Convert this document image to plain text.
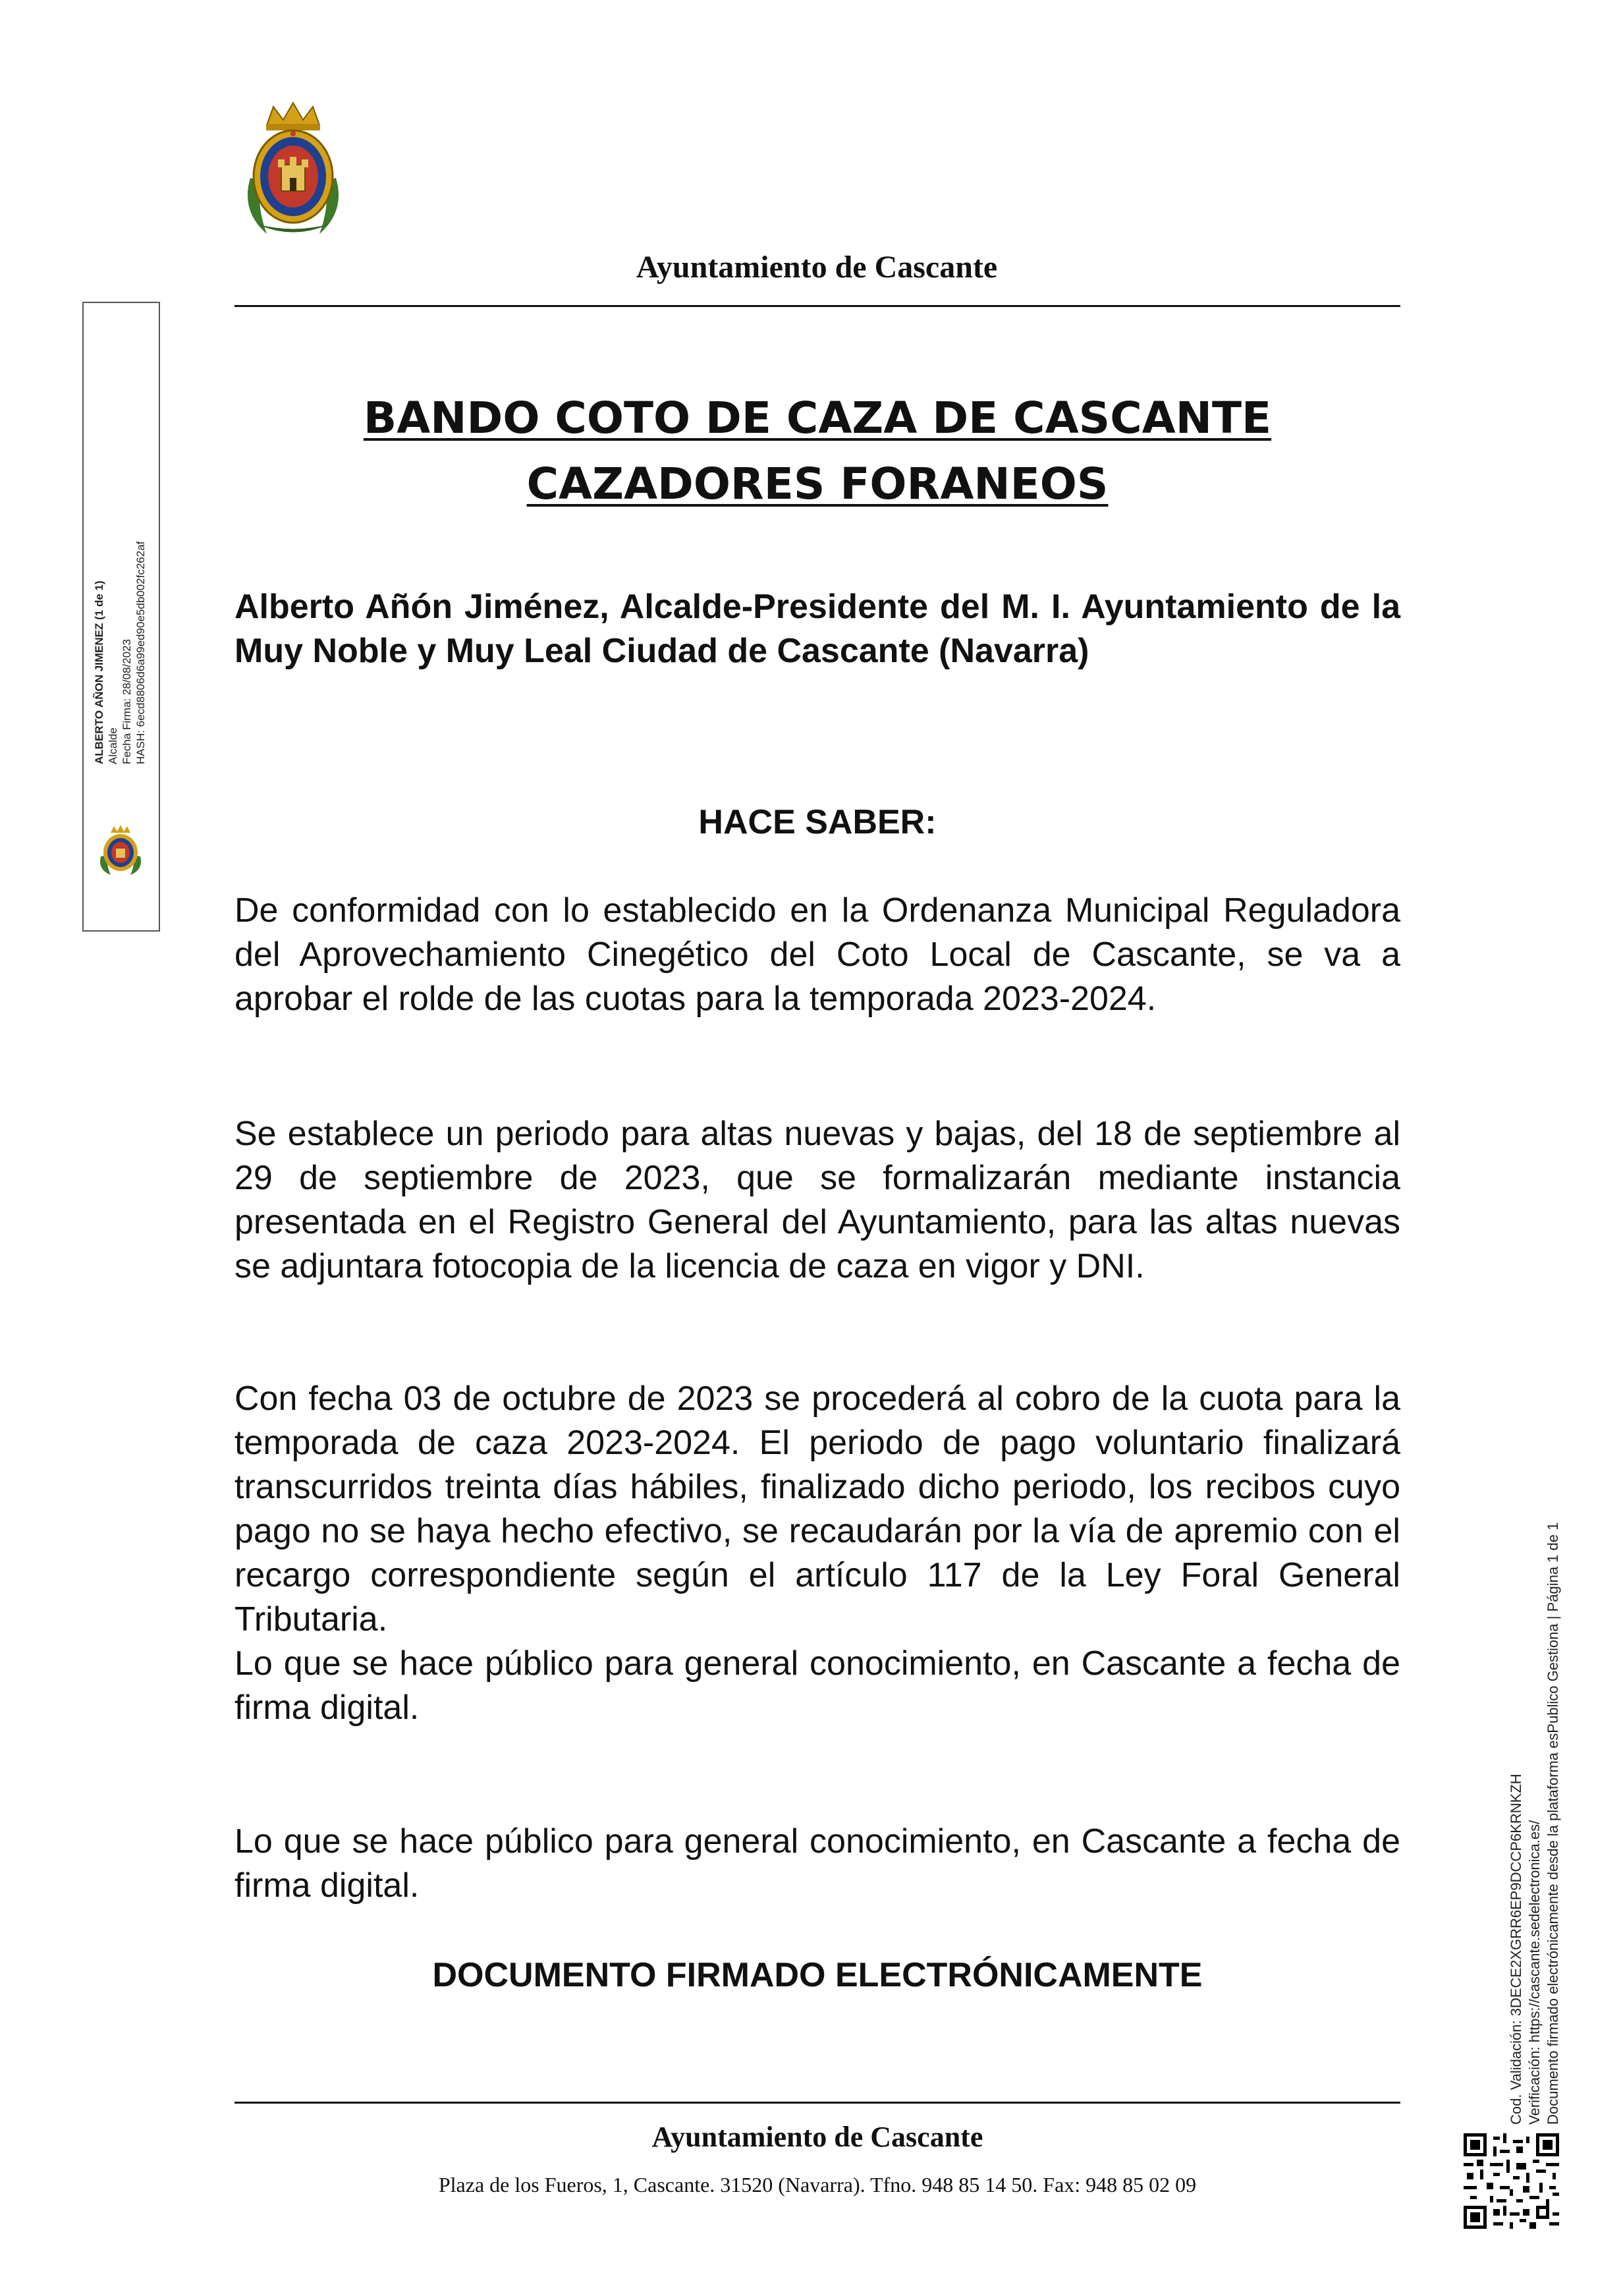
Ayuntamiento de Cascante
BANDO COTO DE CAZA DE CASCANTE CAZADORES FORANEOS
Alberto Añón Jiménez, Alcalde-Presidente del M. I. Ayuntamiento de la Muy Noble y Muy Leal Ciudad de Cascante (Navarra)
HACE SABER:
De conformidad con lo establecido en la Ordenanza Municipal Reguladora del Aprovechamiento Cinegético del Coto Local de Cascante, se va a aprobar el rolde de las cuotas para la temporada 2023-2024.
Se establece un periodo para altas nuevas y bajas, del 18 de septiembre al 29 de septiembre de 2023, que se formalizarán mediante instancia presentada en el Registro General del Ayuntamiento, para las altas nuevas se adjuntara fotocopia de la licencia de caza en vigor y DNI.
Con fecha 03 de octubre de 2023 se procederá al cobro de la cuota para la temporada de caza 2023-2024. El periodo de pago voluntario finalizará transcurridos treinta días hábiles, finalizado dicho periodo, los recibos cuyo pago no se haya hecho efectivo, se recaudarán por la vía de apremio con el recargo correspondiente según el artículo 117 de la Ley Foral General Tributaria.
Lo que se hace público para general conocimiento, en Cascante a fecha de firma digital.
Lo que se hace público para general conocimiento, en Cascante a fecha de firma digital.
DOCUMENTO FIRMADO ELECTRÓNICAMENTE
ALBERTO AÑON JIMENEZ (1 de 1) Alcalde Fecha Firma: 28/08/2023 HASH: 6ecd8806d6a99ed90e5db002fc262af
Cod. Validación: 3DECE2XGRR6EP9DCCP6KRNKZH Verificación: https://cascante.sedelectronica.es/ Documento firmado electrónicamente desde la plataforma esPublico Gestiona | Página 1 de 1
Ayuntamiento de Cascante
Plaza de los Fueros, 1, Cascante. 31520 (Navarra). Tfno. 948 85 14 50. Fax: 948 85 02 09
